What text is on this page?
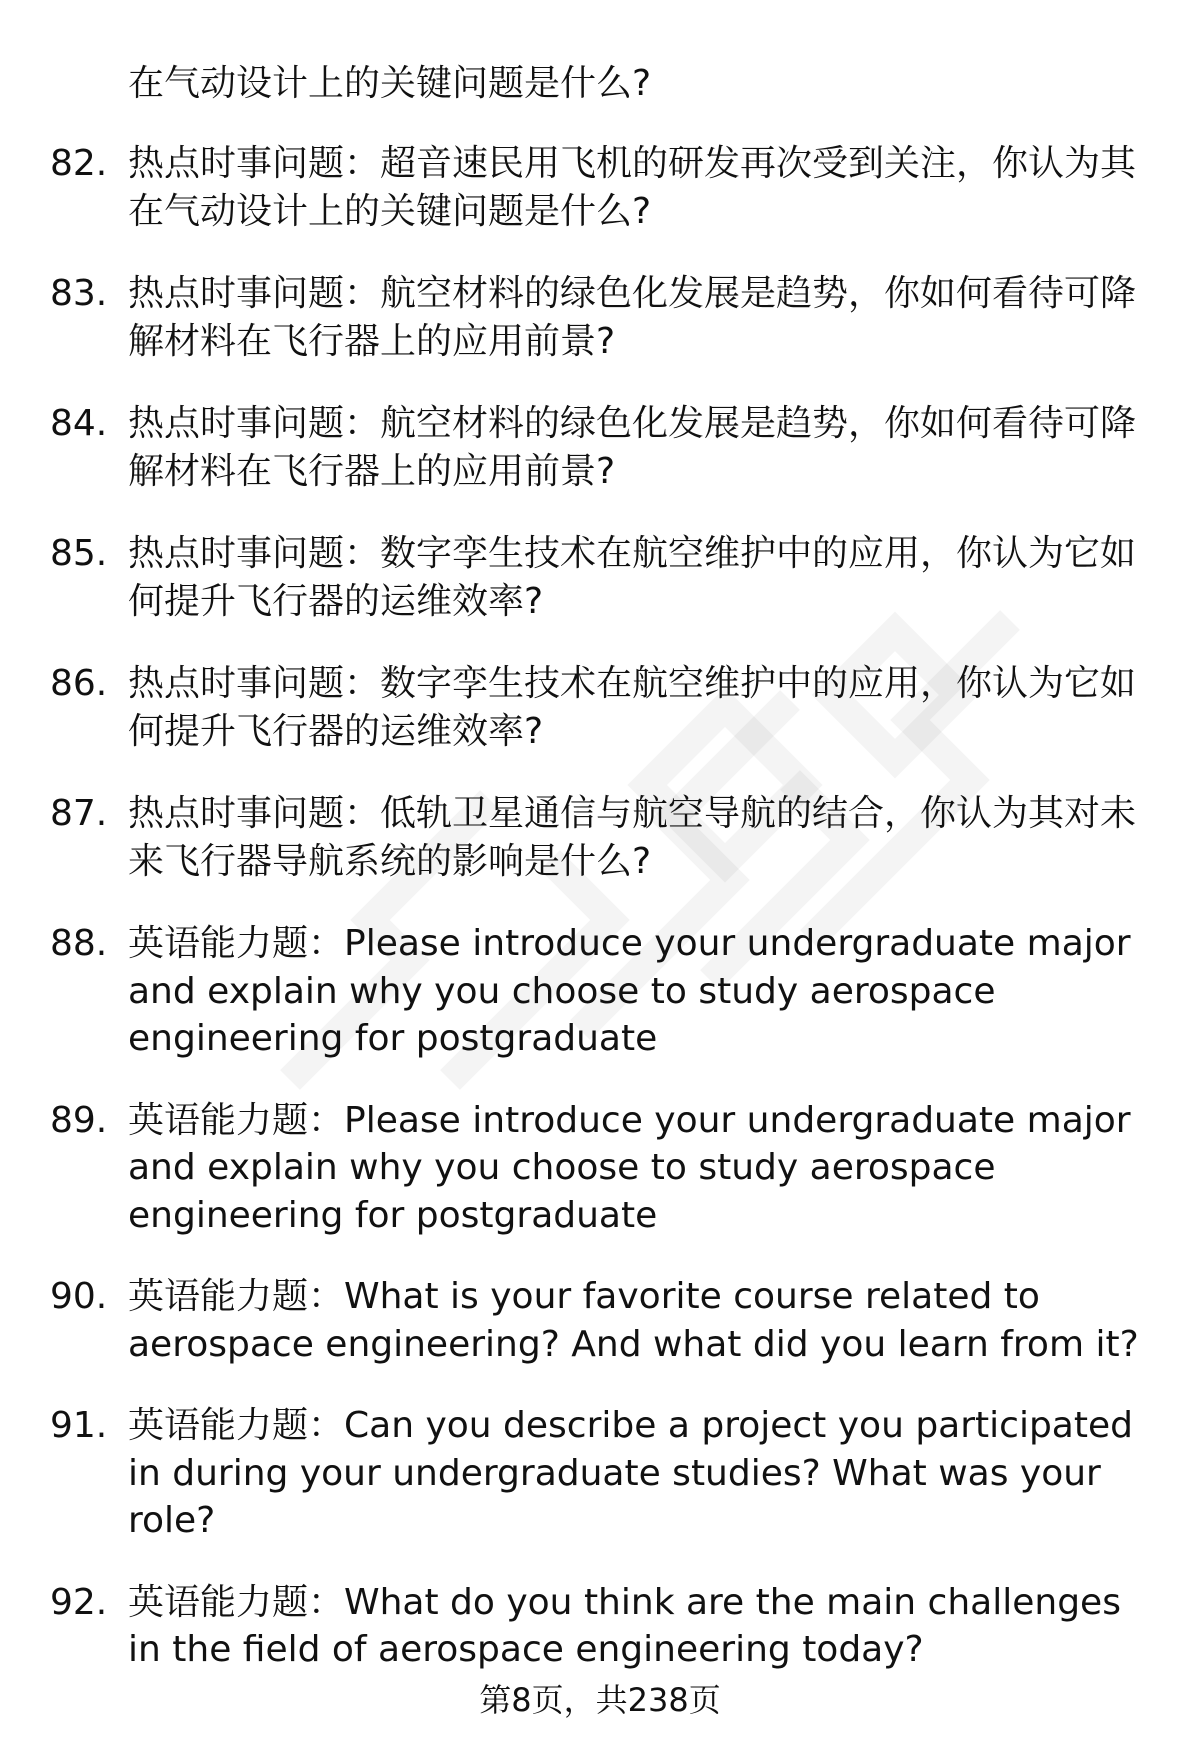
在气动设计上的关键问题是什么?
82. 热点时事问题：超音速民用飞机的研发再次受到关注，你认为其在气动设计上的关键问题是什么?
83. 热点时事问题：航空材料的绿色化发展是趋势，你如何看待可降解材料在飞行器上的应用前景?
84. 热点时事问题：航空材料的绿色化发展是趋势，你如何看待可降解材料在飞行器上的应用前景?
85. 热点时事问题：数字孪生技术在航空维护中的应用，你认为它如何提升飞行器的运维效率?
86. 热点时事问题：数字孪生技术在航空维护中的应用，你认为它如何提升飞行器的运维效率?
87. 热点时事问题：低轨卫星通信与航空导航的结合，你认为其对未来飞行器导航系统的影响是什么?
88. 英语能力题：Please introduce your undergraduate major and explain why you choose to study aerospace engineering for postgraduate
89. 英语能力题：Please introduce your undergraduate major and explain why you choose to study aerospace engineering for postgraduate
90. 英语能力题：What is your favorite course related to aerospace engineering? And what did you learn from it?
91. 英语能力题：Can you describe a project you participated in during your undergraduate studies? What was your role?
92. 英语能力题：What do you think are the main challenges in the field of aerospace engineering today?
第8页，共238页
